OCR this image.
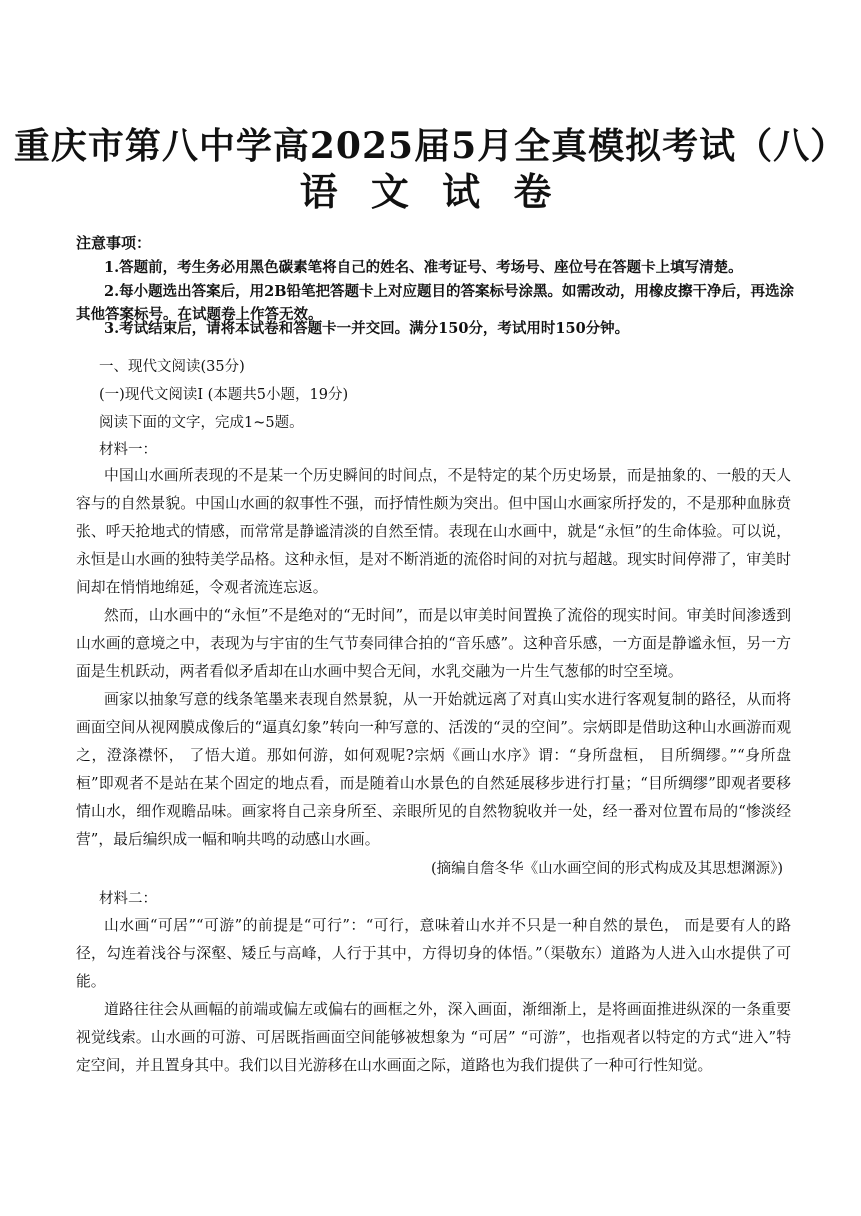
重庆市第八中学高2025届5月全真模拟考试（八）
语 文 试 卷
注意事项：
1.答题前，考生务必用黑色碳素笔将自己的姓名、准考证号、考场号、座位号在答题卡上填写清楚。
2.每小题选出答案后，用2B铅笔把答题卡上对应题目的答案标号涂黑。如需改动，用橡皮擦干净后，再选涂其他答案标号。在试题卷上作答无效。
3.考试结束后，请将本试卷和答题卡一并交回。满分150分，考试用时150分钟。
一、现代文阅读(35分)
(一)现代文阅读Ⅰ (本题共5小题，19分)
阅读下面的文字，完成1~5题。
材料一：
中国山水画所表现的不是某一个历史瞬间的时间点，不是特定的某个历史场景，而是抽象的、一般的天人容与的自然景貌。中国山水画的叙事性不强，而抒情性颇为突出。但中国山水画家所抒发的，不是那种血脉贲张、呼天抢地式的情感，而常常是静谧清淡的自然至情。表现在山水画中，就是“永恒”的生命体验。可以说，永恒是山水画的独特美学品格。这种永恒，是对不断消逝的流俗时间的对抗与超越。现实时间停滞了，审美时间却在悄悄地绵延，令观者流连忘返。
然而，山水画中的“永恒”不是绝对的“无时间”，而是以审美时间置换了流俗的现实时间。审美时间渗透到山水画的意境之中，表现为与宇宙的生气节奏同律合拍的“音乐感”。这种音乐感，一方面是静谧永恒，另一方面是生机跃动，两者看似矛盾却在山水画中契合无间，水乳交融为一片生气葱郁的时空至境。
画家以抽象写意的线条笔墨来表现自然景貌，从一开始就远离了对真山实水进行客观复制的路径，从而将画面空间从视网膜成像后的“逼真幻象”转向一种写意的、活泼的“灵的空间”。宗炳即是借助这种山水画游而观之，澄涤襟怀， 了悟大道。那如何游，如何观呢?宗炳《画山水序》谓：“身所盘桓， 目所绸缪。”“身所盘桓”即观者不是站在某个固定的地点看，而是随着山水景色的自然延展移步进行打量；“目所绸缪”即观者要移情山水，细作观瞻品味。画家将自己亲身所至、亲眼所见的自然物貌收并一处，经一番对位置布局的“惨淡经营”，最后编织成一幅和响共鸣的动感山水画。
(摘编自詹冬华《山水画空间的形式构成及其思想渊源》)
材料二：
山水画“可居”“可游”的前提是“可行”：“可行，意味着山水并不只是一种自然的景色， 而是要有人的路径，勾连着浅谷与深壑、矮丘与高峰，人行于其中，方得切身的体悟。”（渠敬东）道路为人进入山水提供了可能。
道路往往会从画幅的前端或偏左或偏右的画框之外，深入画面，渐细渐上，是将画面推进纵深的一条重要视觉线索。山水画的可游、可居既指画面空间能够被想象为 “可居” “可游”，也指观者以特定的方式“进入”特定空间，并且置身其中。我们以目光游移在山水画面之际，道路也为我们提供了一种可行性知觉。
